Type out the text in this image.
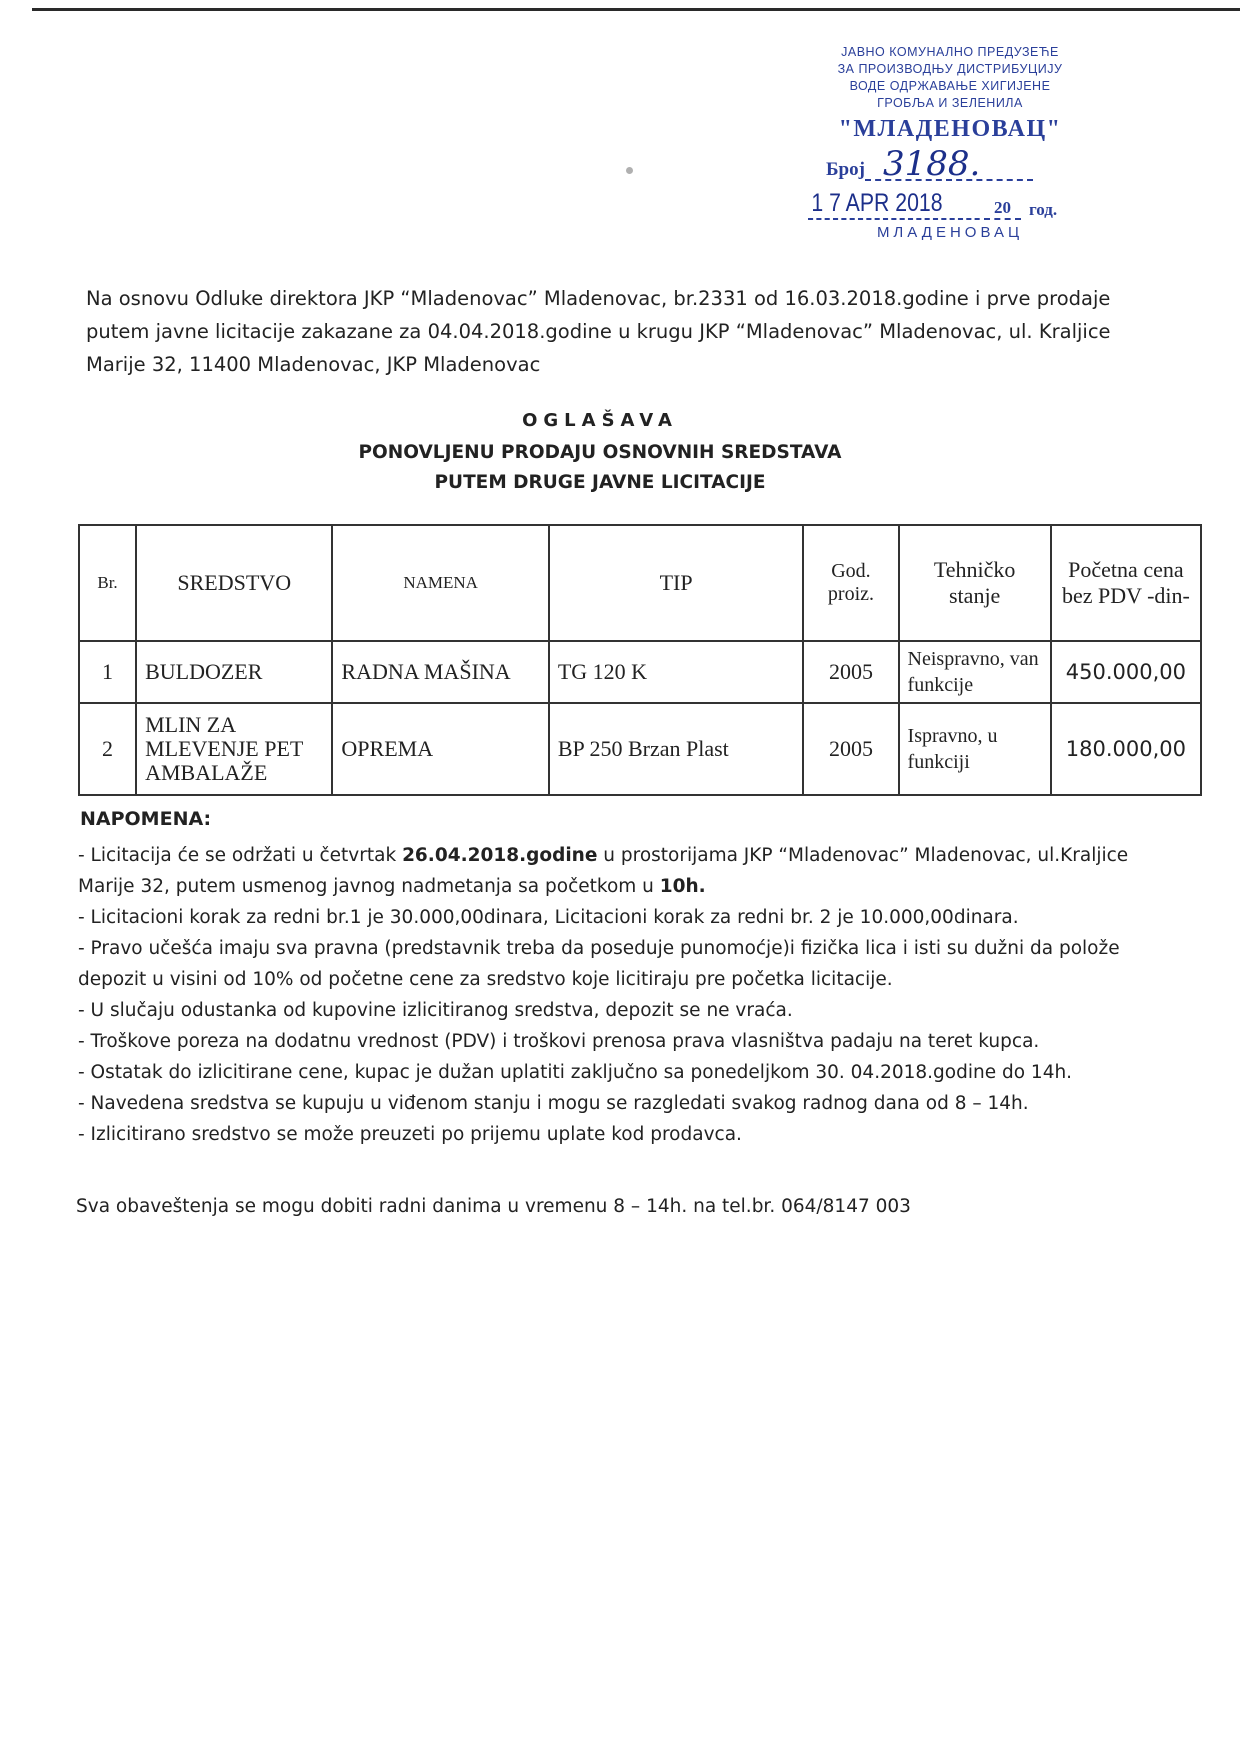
ЈАВНО КОМУНАЛНО ПРЕДУЗЕЋЕ
ЗА ПРОИЗВОДЊУ ДИСТРИБУЦИЈУ
ВОДЕ ОДРЖАВАЊЕ ХИГИЈЕНЕ
ГРОБЉА И ЗЕЛЕНИЛА
"МЛАДЕНОВАЦ"
Број 3188.
1 7 APR 2018	20	год.
МЛАДЕНОВАЦ
Na osnovu Odluke direktora JKP “Mladenovac” Mladenovac, br.2331 od 16.03.2018.godine i prve prodaje putem javne licitacije zakazane za 04.04.2018.godine u krugu JKP “Mladenovac” Mladenovac, ul. Kraljice Marije 32, 11400 Mladenovac, JKP Mladenovac
OGLAŠAVA
PONOVLJENU PRODAJU OSNOVNIH SREDSTAVA
PUTEM DRUGE JAVNE LICITACIJE
Br.	SREDSTVO	NAMENA	TIP	God. proiz.	Tehničko stanje	Početna cena bez PDV -din-
1	BULDOZER	RADNA MAŠINA	TG 120 K	2005	Neispravno, van funkcije	450.000,00
2	MLIN ZA MLEVENJE PET AMBALAŽE	OPREMA	BP 250 Brzan Plast	2005	Ispravno, u funkciji	180.000,00
NAPOMENA:

- Licitacija će se održati u četvrtak 26.04.2018.godine u prostorijama JKP “Mladenovac” Mladenovac, ul.Kraljice Marije 32, putem usmenog javnog nadmetanja sa početkom u 10h.

- Licitacioni korak za redni br.1 je 30.000,00dinara, Licitacioni korak za redni br. 2 je 10.000,00dinara.

- Pravo učešća imaju sva pravna (predstavnik treba da poseduje punomoćje)i fizička lica i isti su dužni da polože depozit u visini od 10% od početne cene za sredstvo koje licitiraju pre početka licitacije.

- U slučaju odustanka od kupovine izlicitiranog sredstva, depozit se ne vraća.

- Troškove poreza na dodatnu vrednost (PDV) i troškovi prenosa prava vlasništva padaju na teret kupca.

- Ostatak do izlicitirane cene, kupac je dužan uplatiti zaključno sa ponedeljkom 30. 04.2018.godine do 14h.

- Navedena sredstva se kupuju u viđenom stanju i mogu se razgledati svakog radnog dana od 8 – 14h.

- Izlicitirano sredstvo se može preuzeti po prijemu uplate kod prodavca.

Sva obaveštenja se mogu dobiti radni danima u vremenu 8 – 14h. na tel.br. 064/8147 003
